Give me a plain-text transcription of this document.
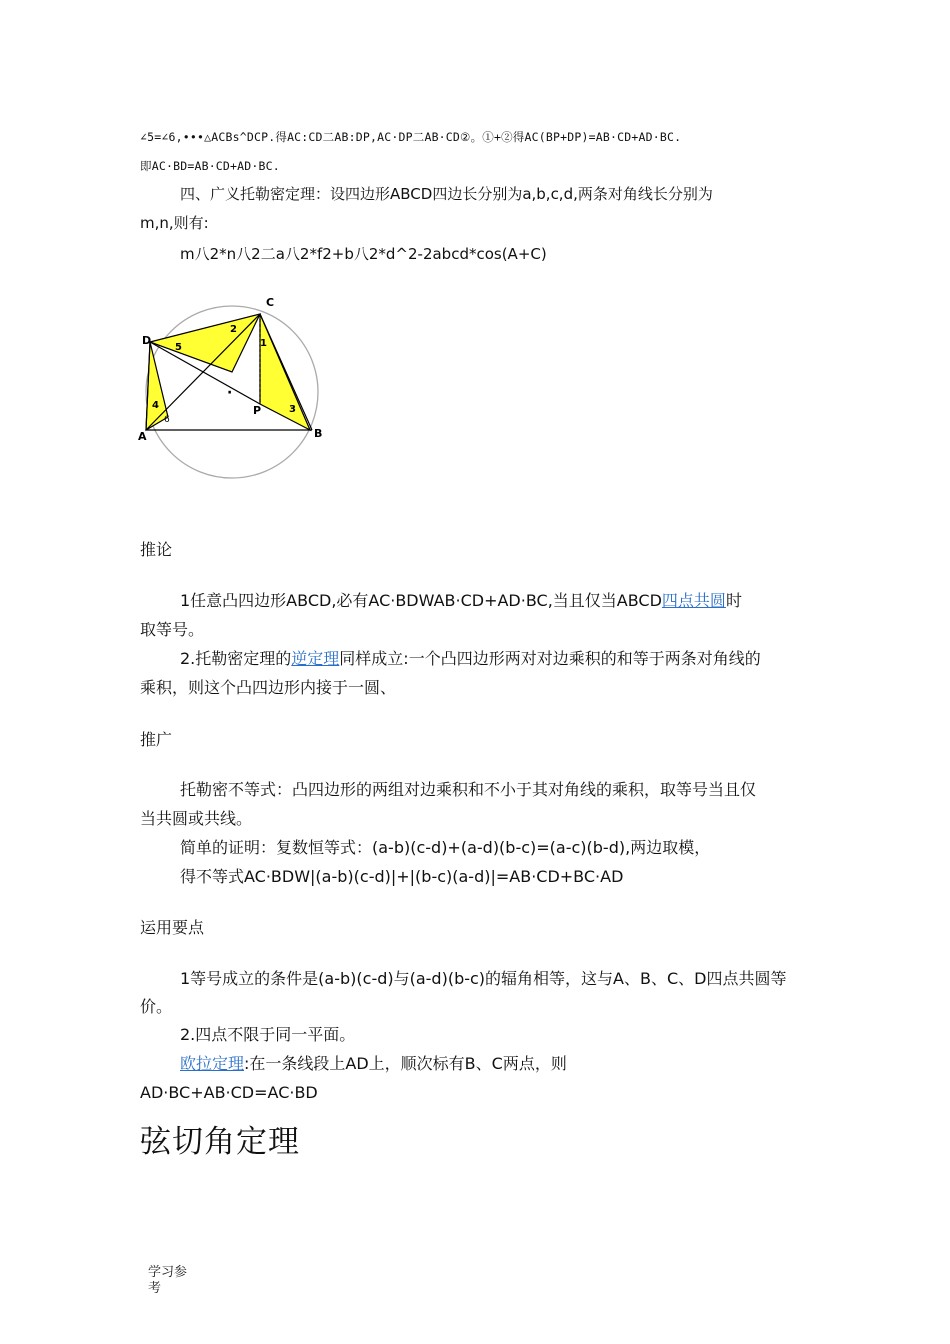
∠5=∠6,•••△ACBs^DCP.得AC:CD二AB:DP,AC·DP二AB·CD②。①+②得AC(BP+DP)=AB·CD+AD·BC.
即AC·BD=AB·CD+AD·BC.
四、广义托勒密定理：设四边形ABCD四边长分别为a,b,c,d,两条对角线长分别为
m,n,则有:
m八2*n八2二a八2*f2+b八2*d^2-2abcd*cos(A+C)
C
D
A	B
P
1
2
3
4
5
6
·
推论
1任意凸四边形ABCD,必有AC·BDWAB·CD+AD·BC,当且仅当ABCD四点共圆时
取等号。
2.托勒密定理的逆定理同样成立:一个凸四边形两对对边乘积的和等于两条对角线的
乘积，则这个凸四边形内接于一圆、
推广
托勒密不等式：凸四边形的两组对边乘积和不小于其对角线的乘积，取等号当且仅
当共圆或共线。
简单的证明：复数恒等式：(a-b)(c-d)+(a-d)(b-c)=(a-c)(b-d),两边取模，
得不等式AC·BDW|(a-b)(c-d)|+|(b-c)(a-d)|=AB·CD+BC·AD
运用要点
1等号成立的条件是(a-b)(c-d)与(a-d)(b-c)的辐角相等，这与A、B、C、D四点共圆等
价。
2.四点不限于同一平面。
欧拉定理:在一条线段上AD上，顺次标有B、C两点，则
AD·BC+AB·CD=AC·BD
弦切角定理
学习参
考
